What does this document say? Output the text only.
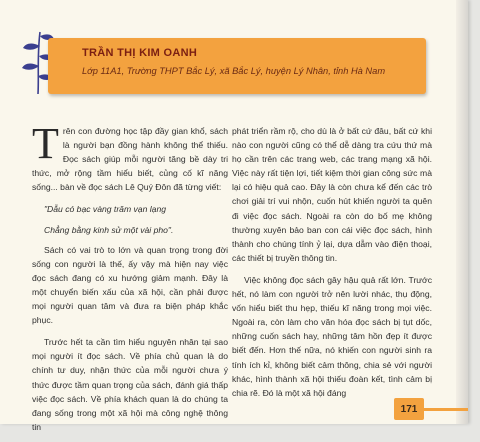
TRẦN THỊ KIM OANH
Lớp 11A1, Trường THPT Bắc Lý, xã Bắc Lý, huyện Lý Nhân, tỉnh Hà Nam

Trên con đường học tập đầy gian khổ, sách là người bạn đồng hành không thể thiếu. Đọc sách giúp mỗi người tăng bề dày tri thức, mở rộng tầm hiểu biết, củng cố kĩ năng sống... bàn về đọc sách Lê Quý Đôn đã từng viết:

"Dẫu có bạc vàng trăm vạn lạng

Chẳng bằng kinh sử một vài pho".

Sách có vai trò to lớn và quan trọng trong đời sống con người là thế, ấy vậy mà hiện nay việc đọc sách đang có xu hướng giảm mạnh. Đây là một chuyển biến xấu của xã hội, cần phải được mọi người quan tâm và đưa ra biện pháp khắc phục.

Trước hết ta cần tìm hiểu nguyên nhân tại sao mọi người ít đọc sách. Về phía chủ quan là do chính tư duy, nhận thức của mỗi người chưa ý thức được tầm quan trọng của sách, đánh giá thấp việc đọc sách. Về phía khách quan là do chúng ta đang sống trong một xã hội mà công nghệ thông tin

phát triển rầm rộ, cho dù là ở bất cứ đâu, bất cứ khi nào con người cũng có thể dễ dàng tra cứu thứ mà họ cần trên các trang web, các trang mạng xã hội. Việc này rất tiện lợi, tiết kiệm thời gian công sức mà lại có hiệu quả cao. Đây là còn chưa kể đến các trò chơi giải trí vui nhộn, cuốn hút khiến người ta quên đi việc đọc sách. Ngoài ra còn do bố mẹ không thường xuyên bảo ban con cái việc đọc sách, hình thành cho chúng tính ỷ lại, dựa dẫm vào điện thoại, các thiết bị truyền thông tin.

Việc không đọc sách gây hậu quả rất lớn. Trước hết, nó làm con người trở nên lười nhác, thụ động, vốn hiểu biết thu hẹp, thiếu kĩ năng trong mọi việc. Ngoài ra, còn làm cho văn hóa đọc sách bị tụt dốc, những cuốn sách hay, những tâm hồn đẹp ít được biết đến. Hơn thế nữa, nó khiến con người sinh ra tính ích kỉ, không biết cảm thông, chia sẻ với người khác, hình thành xã hội thiếu đoàn kết, tình cảm bị chia rẽ. Đó là một xã hội đáng

171
